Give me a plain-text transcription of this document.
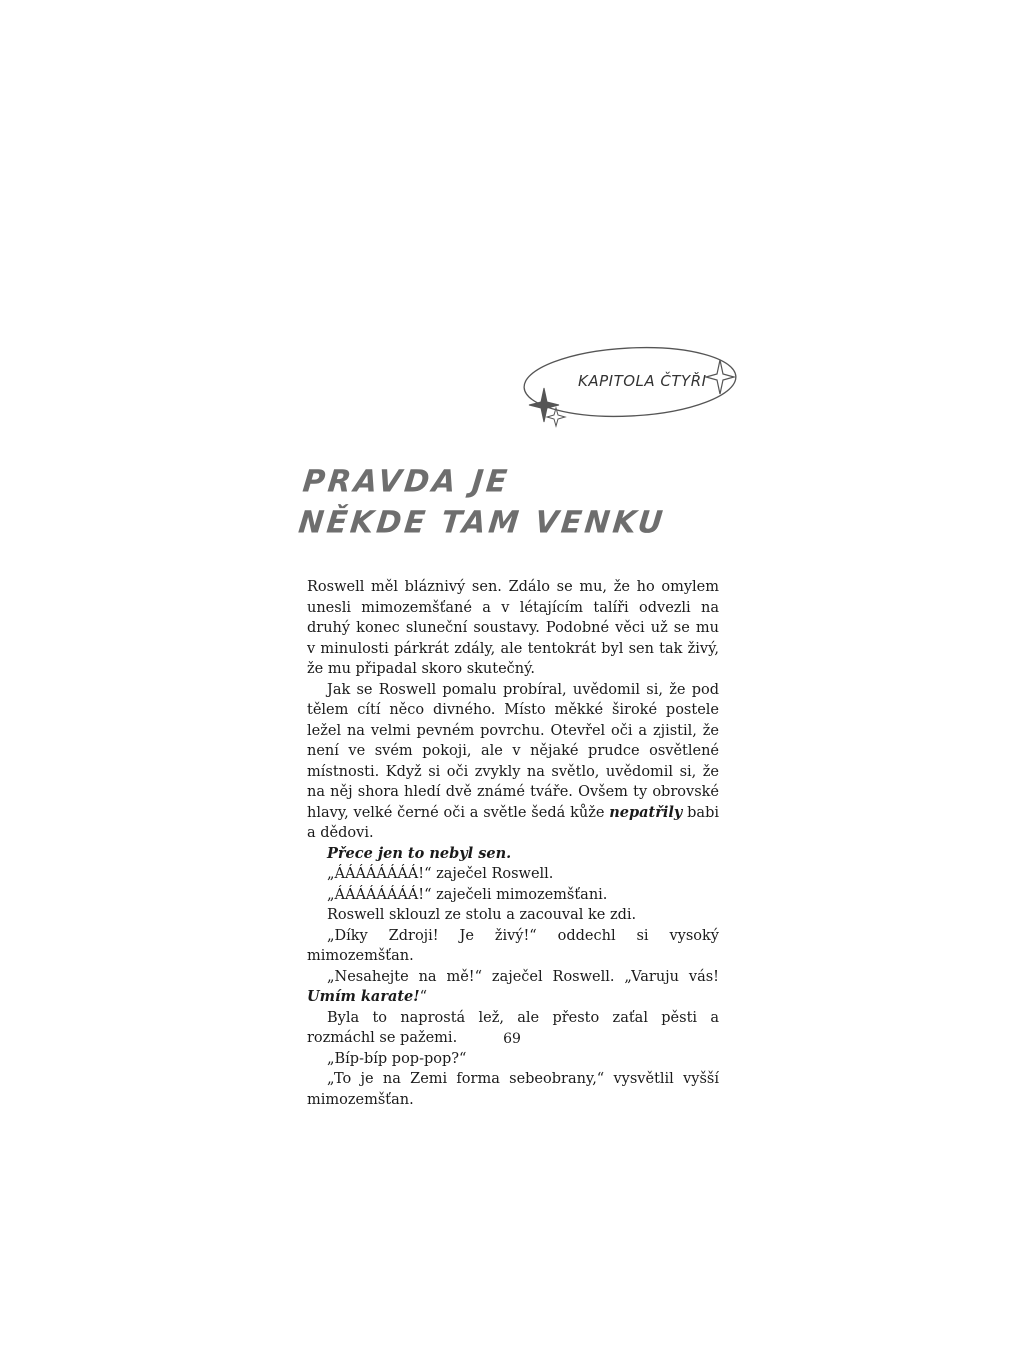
KAPITOLA ČTYŘI
PRAVDA JE
NĚKDE TAM VENKU

Roswell měl bláznivý sen. Zdálo se mu, že ho omylem unesli mimozemšťané a v létajícím talíři odvezli na druhý konec sluneční soustavy. Podobné věci už se mu v minulosti párkrát zdály, ale tentokrát byl sen tak živý, že mu připadal skoro skutečný.

Jak se Roswell pomalu probíral, uvědomil si, že pod tělem cítí něco divného. Místo měkké široké postele ležel na velmi pevném povrchu. Otevřel oči a zjistil, že není ve svém pokoji, ale v nějaké prudce osvětlené místnosti. Když si oči zvykly na světlo, uvědomil si, že na něj shora hledí dvě známé tváře. Ovšem ty obrovské hlavy, velké černé oči a světle šedá kůže nepatřily babi a dědovi.

Přece jen to nebyl sen.

„ÁÁÁÁÁÁÁÁ!“ zaječel Roswell.

„ÁÁÁÁÁÁÁÁ!“ zaječeli mimozemšťani.

Roswell sklouzl ze stolu a zacouval ke zdi.

„Díky Zdroji! Je živý!“ oddechl si vysoký mimozemšťan.

„Nesahejte na mě!“ zaječel Roswell. „Varuju vás! Umím karate!“

Byla to naprostá lež, ale přesto zaťal pěsti a rozmáchl se pažemi.

„Bíp-bíp pop-pop?“

„To je na Zemi forma sebeobrany,“ vysvětlil vyšší mimozemšťan.

69
